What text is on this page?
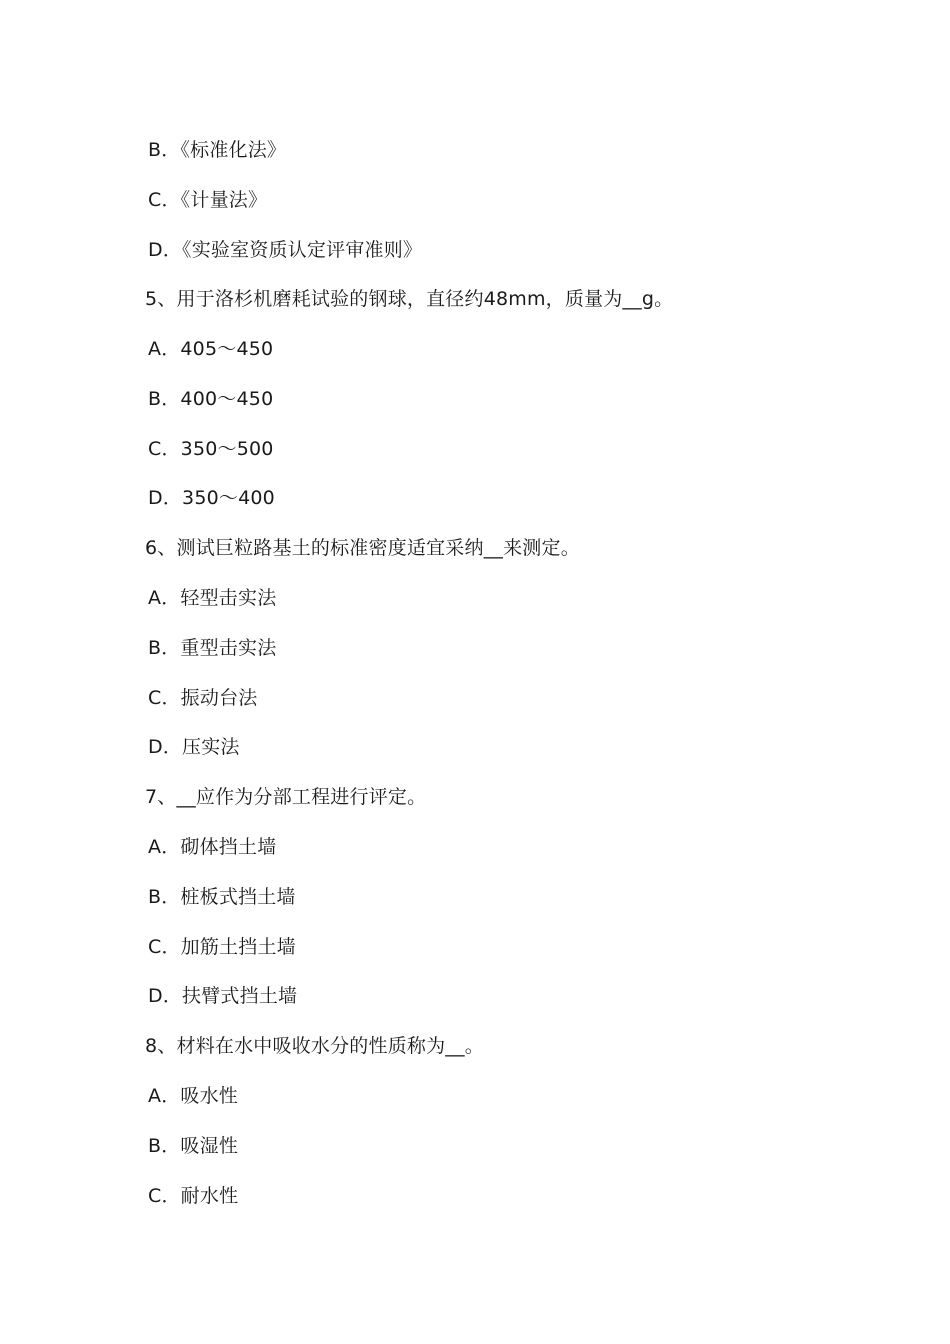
B．《标准化法》
C．《计量法》
D．《实验室资质认定评审准则》
5、用于洛杉机磨耗试验的钢球，直径约48mm，质量为__g。
A．405～450
B．400～450
C．350～500
D．350～400
6、测试巨粒路基土的标准密度适宜采纳__来测定。
A．轻型击实法
B．重型击实法
C．振动台法
D．压实法
7、__应作为分部工程进行评定。
A．砌体挡土墙
B．桩板式挡土墙
C．加筋土挡土墙
D．扶臂式挡土墙
8、材料在水中吸收水分的性质称为__。
A．吸水性
B．吸湿性
C．耐水性
